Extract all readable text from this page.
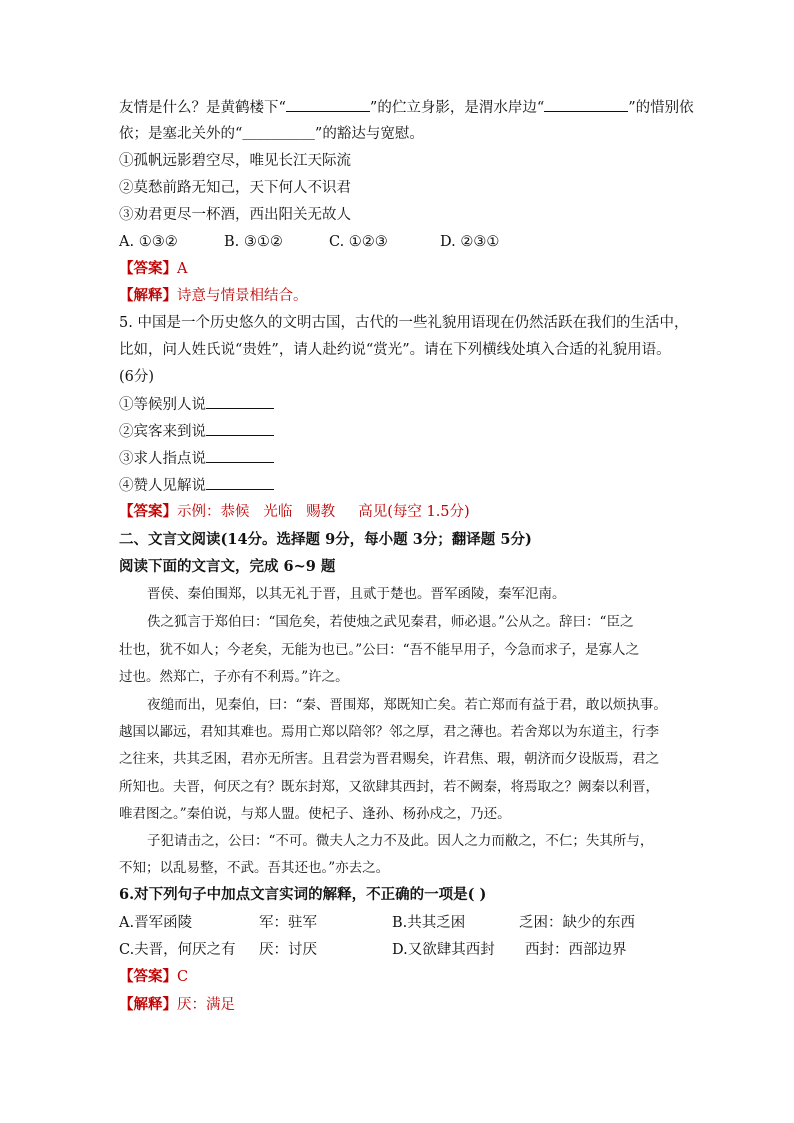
友情是什么？是黄鹤楼下“	”的伫立身影，是渭水岸边“	”的惜别依
依；是塞北关外的“＿＿＿＿＿”的豁达与宽慰。
①孤帆远影碧空尽，唯见长江天际流
②莫愁前路无知己，天下何人不识君
③劝君更尽一杯酒，西出阳关无故人
A. ①③②	B. ③①②	C. ①②③	D. ②③①
【答案】A
【解释】诗意与情景相结合。
5. 中国是一个历史悠久的文明古国，古代的一些礼貌用语现在仍然活跃在我们的生活中，
比如，问人姓氏说“贵姓”，请人赴约说“赏光”。请在下列横线处填入合适的礼貌用语。
(6分)
①等候别人说
②宾客来到说
③求人指点说
④赞人见解说
【答案】示例：恭候   光临   赐教     高见(每空 1.5分)
二、文言文阅读(14分。选择题 9分，每小题 3分；翻译题 5分)
阅读下面的文言文，完成 6~9 题
晋侯、秦伯围郑，以其无礼于晋，且贰于楚也。晋军函陵，秦军氾南。
佚之狐言于郑伯曰：“国危矣，若使烛之武见秦君，师必退。”公从之。辞曰：“臣之
壮也，犹不如人；今老矣，无能为也已。”公曰：“吾不能早用子，今急而求子，是寡人之
过也。然郑亡，子亦有不利焉。”许之。
夜缒而出，见秦伯，曰：“秦、晋围郑，郑既知亡矣。若亡郑而有益于君，敢以烦执事。
越国以鄙远，君知其难也。焉用亡郑以陪邻？邻之厚，君之薄也。若舍郑以为东道主，行李
之往来，共其乏困，君亦无所害。且君尝为晋君赐矣，许君焦、瑕，朝济而夕设版焉，君之
所知也。夫晋，何厌之有？既东封郑，又欲肆其西封，若不阙秦，将焉取之？阙秦以利晋，
唯君图之。”秦伯说，与郑人盟。使杞子、逢孙、杨孙戍之，乃还。
子犯请击之，公曰：“不可。微夫人之力不及此。因人之力而敝之，不仁；失其所与，
不知；以乱易整，不武。吾其还也。”亦去之。
6.对下列句子中加点文言实词的解释，不正确的一项是( )
A.晋军函陵	军：驻军	B.共其乏困	乏困：缺少的东西
C.夫晋，何厌之有 厌：讨厌	D.又欲肆其西封 西封：西部边界
【答案】C
【解释】厌：满足
